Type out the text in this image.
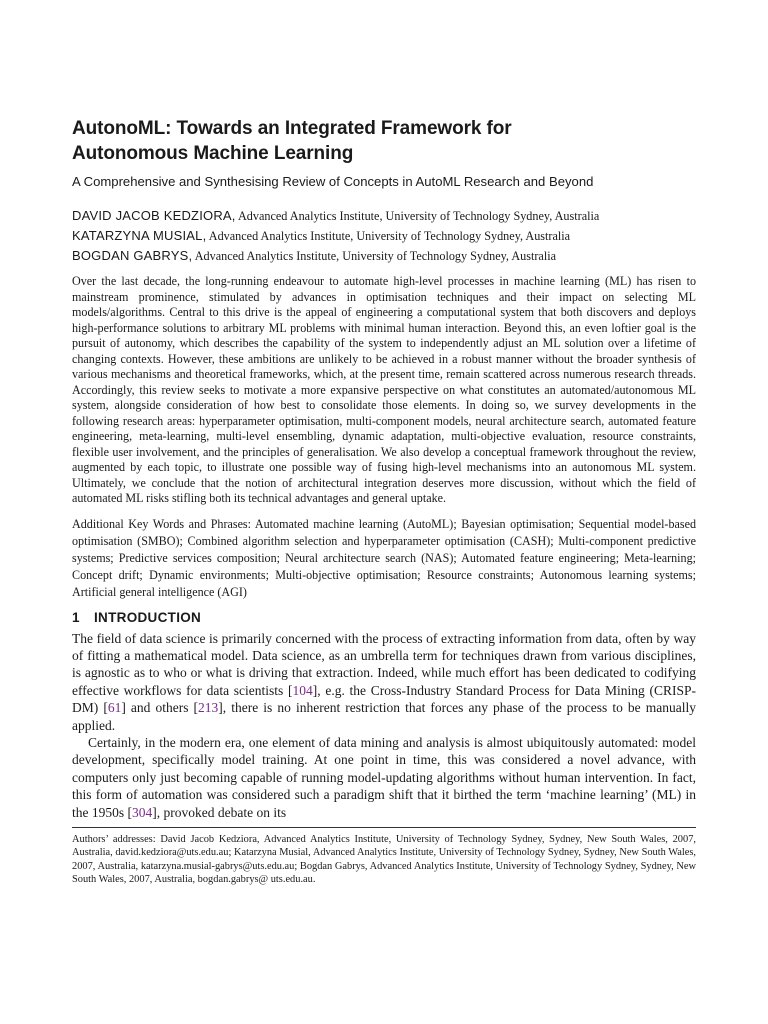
AutonoML: Towards an Integrated Framework for
Autonomous Machine Learning

A Comprehensive and Synthesising Review of Concepts in AutoML Research and Beyond

DAVID JACOB KEDZIORA, Advanced Analytics Institute, University of Technology Sydney, Australia
KATARZYNA MUSIAL, Advanced Analytics Institute, University of Technology Sydney, Australia
BOGDAN GABRYS, Advanced Analytics Institute, University of Technology Sydney, Australia

Over the last decade, the long-running endeavour to automate high-level processes in machine learning (ML) has risen to mainstream prominence, stimulated by advances in optimisation techniques and their impact on selecting ML models/algorithms. Central to this drive is the appeal of engineering a computational system that both discovers and deploys high-performance solutions to arbitrary ML problems with minimal human interaction. Beyond this, an even loftier goal is the pursuit of autonomy, which describes the capability of the system to independently adjust an ML solution over a lifetime of changing contexts. However, these ambitions are unlikely to be achieved in a robust manner without the broader synthesis of various mechanisms and theoretical frameworks, which, at the present time, remain scattered across numerous research threads. Accordingly, this review seeks to motivate a more expansive perspective on what constitutes an automated/autonomous ML system, alongside consideration of how best to consolidate those elements. In doing so, we survey developments in the following research areas: hyperparameter optimisation, multi-component models, neural architecture search, automated feature engineering, meta-learning, multi-level ensembling, dynamic adaptation, multi-objective evaluation, resource constraints, flexible user involvement, and the principles of generalisation. We also develop a conceptual framework throughout the review, augmented by each topic, to illustrate one possible way of fusing high-level mechanisms into an autonomous ML system. Ultimately, we conclude that the notion of architectural integration deserves more discussion, without which the field of automated ML risks stifling both its technical advantages and general uptake.

Additional Key Words and Phrases: Automated machine learning (AutoML); Bayesian optimisation; Sequential model-based optimisation (SMBO); Combined algorithm selection and hyperparameter optimisation (CASH); Multi-component predictive systems; Predictive services composition; Neural architecture search (NAS); Automated feature engineering; Meta-learning; Concept drift; Dynamic environments; Multi-objective optimisation; Resource constraints; Autonomous learning systems; Artificial general intelligence (AGI)

1 INTRODUCTION

The field of data science is primarily concerned with the process of extracting information from data, often by way of fitting a mathematical model. Data science, as an umbrella term for techniques drawn from various disciplines, is agnostic as to who or what is driving that extraction. Indeed, while much effort has been dedicated to codifying effective workflows for data scientists [104], e.g. the Cross-Industry Standard Process for Data Mining (CRISP-DM) [61] and others [213], there is no inherent restriction that forces any phase of the process to be manually applied.

Certainly, in the modern era, one element of data mining and analysis is almost ubiquitously automated: model development, specifically model training. At one point in time, this was considered a novel advance, with computers only just becoming capable of running model-updating algorithms without human intervention. In fact, this form of automation was considered such a paradigm shift that it birthed the term ‘machine learning’ (ML) in the 1950s [304], provoked debate on its

Authors’ addresses: David Jacob Kedziora, Advanced Analytics Institute, University of Technology Sydney, Sydney, New South Wales, 2007, Australia, david.kedziora@uts.edu.au; Katarzyna Musial, Advanced Analytics Institute, University of Technology Sydney, Sydney, New South Wales, 2007, Australia, katarzyna.musial-gabrys@uts.edu.au; Bogdan Gabrys, Advanced Analytics Institute, University of Technology Sydney, Sydney, New South Wales, 2007, Australia, bogdan.gabrys@ uts.edu.au.
